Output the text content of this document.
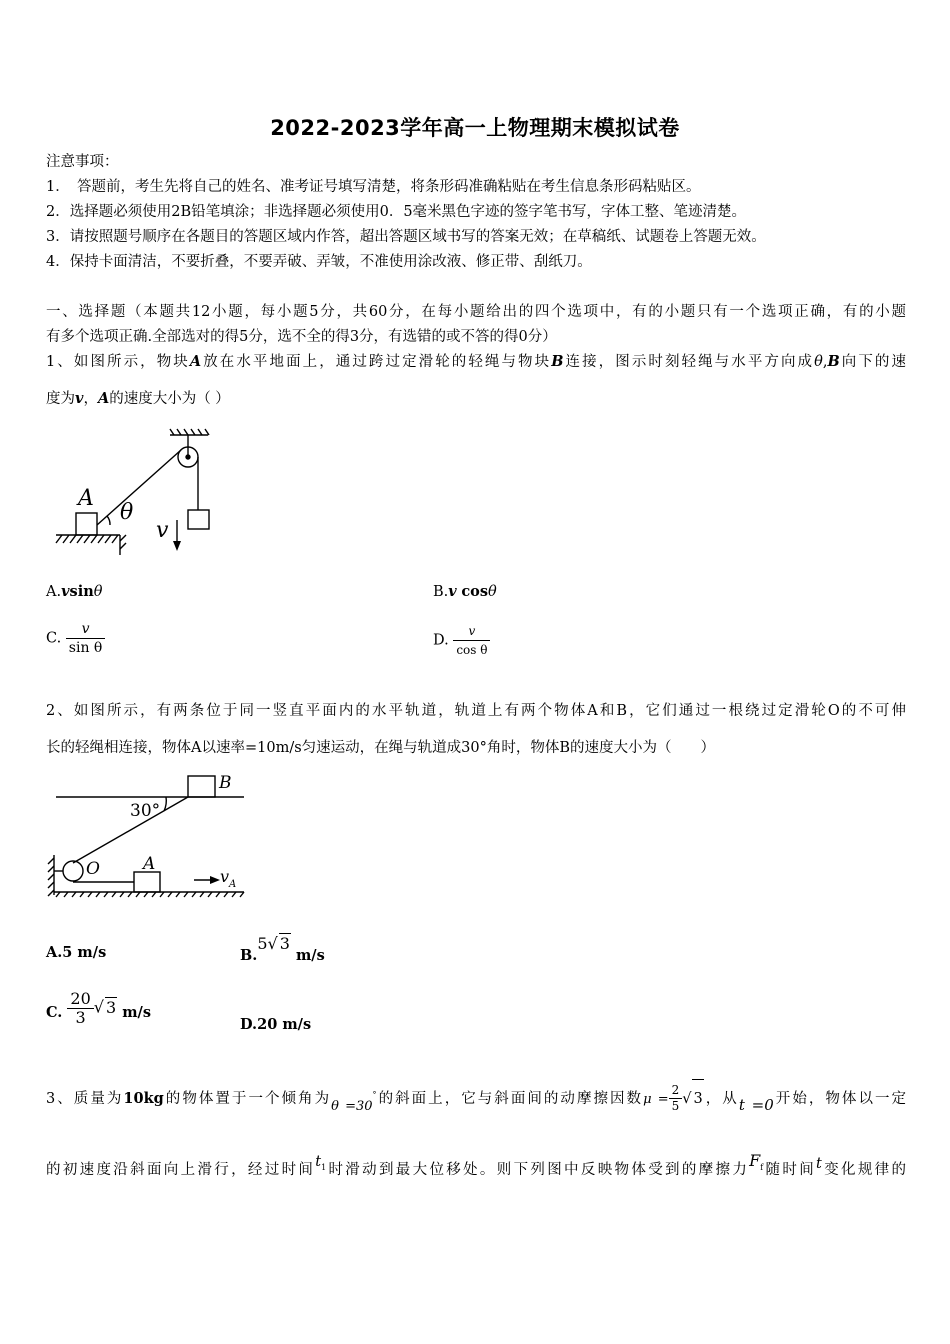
2022-2023学年高一上物理期末模拟试卷
注意事项：
1．　答题前，考生先将自己的姓名、准考证号填写清楚，将条形码准确粘贴在考生信息条形码粘贴区。
2．选择题必须使用2B铅笔填涂；非选择题必须使用0．5毫米黑色字迹的签字笔书写，字体工整、笔迹清楚。
3．请按照题号顺序在各题目的答题区域内作答，超出答题区域书写的答案无效；在草稿纸、试题卷上答题无效。
4．保持卡面清洁，不要折叠，不要弄破、弄皱，不准使用涂改液、修正带、刮纸刀。
一、选择题（本题共12小题，每小题5分，共60分，在每小题给出的四个选项中，有的小题只有一个选项正确，有的小题
有多个选项正确.全部选对的得5分，选不全的得3分，有选错的或不答的得0分）
1、如图所示，物块A放在水平地面上，通过跨过定滑轮的轻绳与物块B连接，图示时刻轻绳与水平方向成θ,B向下的速
度为v，A的速度大小为（ ）
A
θ
v
A.vsinθ	B.v cosθ
C. $\frac{v}{\text{sin θ}}$	D. $\frac{v}{\text{cos θ}}$
2、如图所示，有两条位于同一竖直平面内的水平轨道，轨道上有两个物体A和B，它们通过一根绕过定滑轮O的不可伸
长的轻绳相连接，物体A以速率=10m/s匀速运动，在绳与轨道成30°角时，物体B的速度大小为（　　）
B
30°
O	A
v A
A.5 m/s	B.5√ 3 m/s
C. $\frac{20}{3}$ √ 3 m/s
D.20 m/s
3、质量为10kg的物体置于一个倾角为θ =30°的斜面上，它与斜面间的动摩擦因数$\mu = \frac{2}{5}$ √ 3，从t =0开始，物体以一定
的初速度沿斜面向上滑行，经过时间$t_1$时滑动到最大位移处。则下列图中反映物体受到的摩擦力$F_f$随时间t变化规律的
